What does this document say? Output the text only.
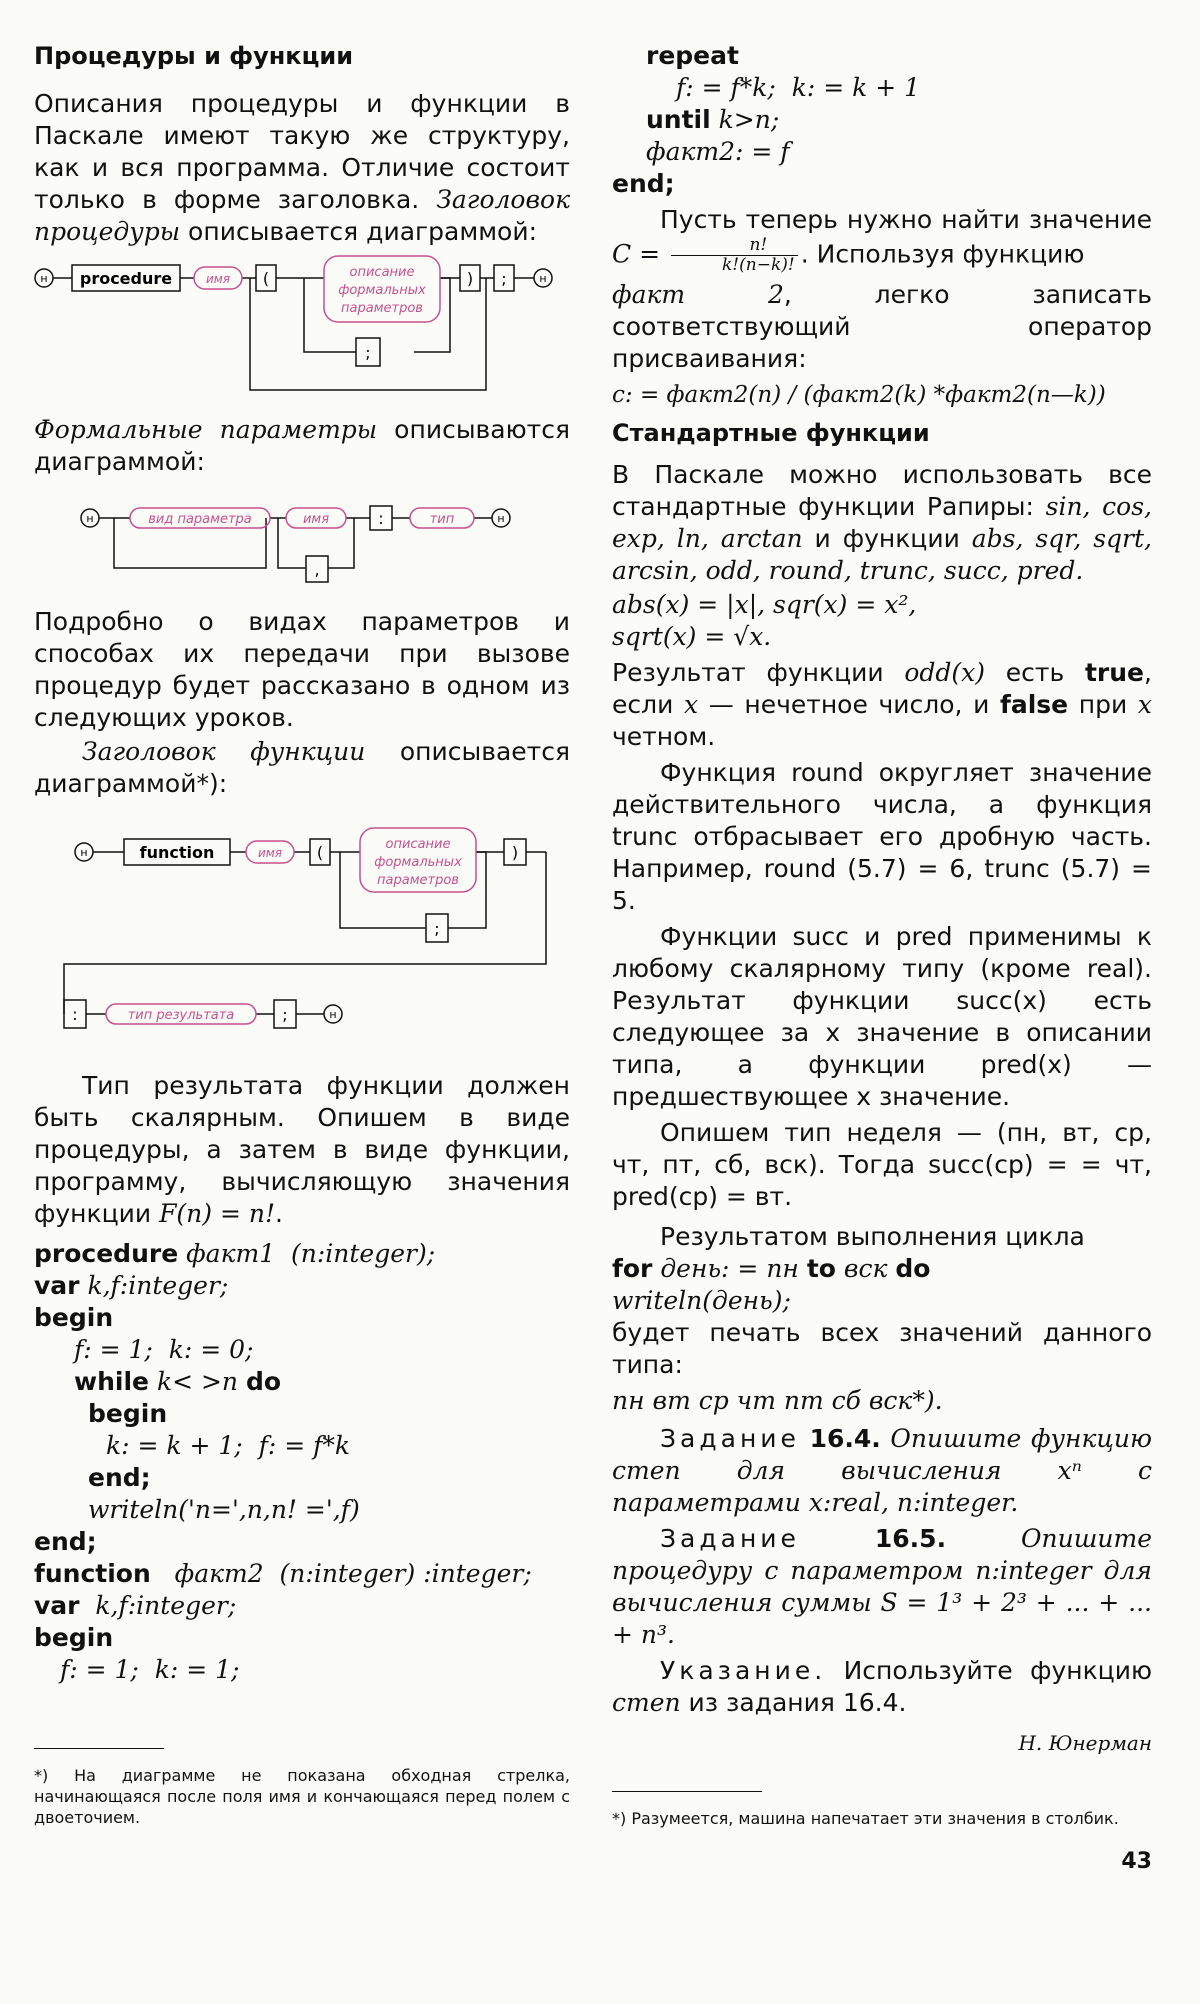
Процедуры и функции

Описания процедуры и функции в Паскале имеют такую же структуру, как и вся программа. Отличие состоит только в форме заголовка. Заголовок процедуры описывается диаграммой:

н procedure	имя (	описание
формальных
параметров
) ;
;
н

Формальные параметры описываются диаграммой:

н	вид параметра	имя	:	тип
,
н

Подробно о видах параметров и способах их передачи при вызове процедур будет рассказано в одном из следующих уроков.

Заголовок функции описывается диаграммой*):

н	function	имя (	описание
формальных
параметров
)
;
:	тип результата	;	н

Тип результата функции должен быть скалярным. Опишем в виде процедуры, а затем в виде функции, программу, вычисляющую значения функции F(n) = n!.

procedure факт1  (n:integer);
var k,f:integer;
begin
f: = 1;  k: = 0;
while k< >n do
begin
k: = k + 1;  f: = f*k
end;
writeln('n=',n,n! =',f)
end;
function   факт2  (n:integer) :integer;
var  k,f:integer;
begin
f: = 1;  k: = 1;

*) На диаграмме не показана обходная стрелка, начинающаяся после поля имя и кончающаяся перед полем с двоеточием.

repeat
f: = f*k;  k: = k + 1
until k>n;
факт2: = f
end;

Пусть теперь нужно найти значение $C = \frac{n!}{k!(n-k)!}$ . Используя функцию

факт 2, легко записать соответствующий оператор присваивания:

c: = факт2(n) / (факт2(k) *факт2(n—k))

Стандартные функции

В Паскале можно использовать все стандартные функции Рапиры: sin, cos, exp, ln, arctan и функции abs, sqr, sqrt, arcsin, odd, round, trunc, succ, pred.

abs(x) = |x|, sqr(x) = x²,

sqrt(x) = √x.

Результат функции odd(x) есть true, если x — нечетное число, и false при x четном.

Функция round округляет значение действительного числа, а функция trunc отбрасывает его дробную часть. Например, round (5.7) = 6, trunc (5.7) = 5.

Функции succ и pred применимы к любому скалярному типу (кроме real). Результат функции succ(x) есть следующее за x значение в описании типа, а функции pred(x) — предшествующее x значение.

Опишем тип неделя — (пн, вт, ср, чт, пт, сб, вск). Тогда succ(ср) = = чт, pred(ср) = вт.

Результатом выполнения цикла

for день: = пн to вск do
writeln(день);

будет печать всех значений данного типа:

пн вт ср чт пт сб вск*).

Задание 16.4. Опишите функцию степ для вычисления xⁿ с параметрами x:real, n:integer.

Задание	16.5. Опишите процедуру с параметром n:integer для вычисления суммы S = 1³ + 2³ + ... + ... + n³.

Указание. Используйте функцию степ из задания 16.4.

Н. Юнерман

*) Разумеется, машина напечатает эти значения в столбик.

43
